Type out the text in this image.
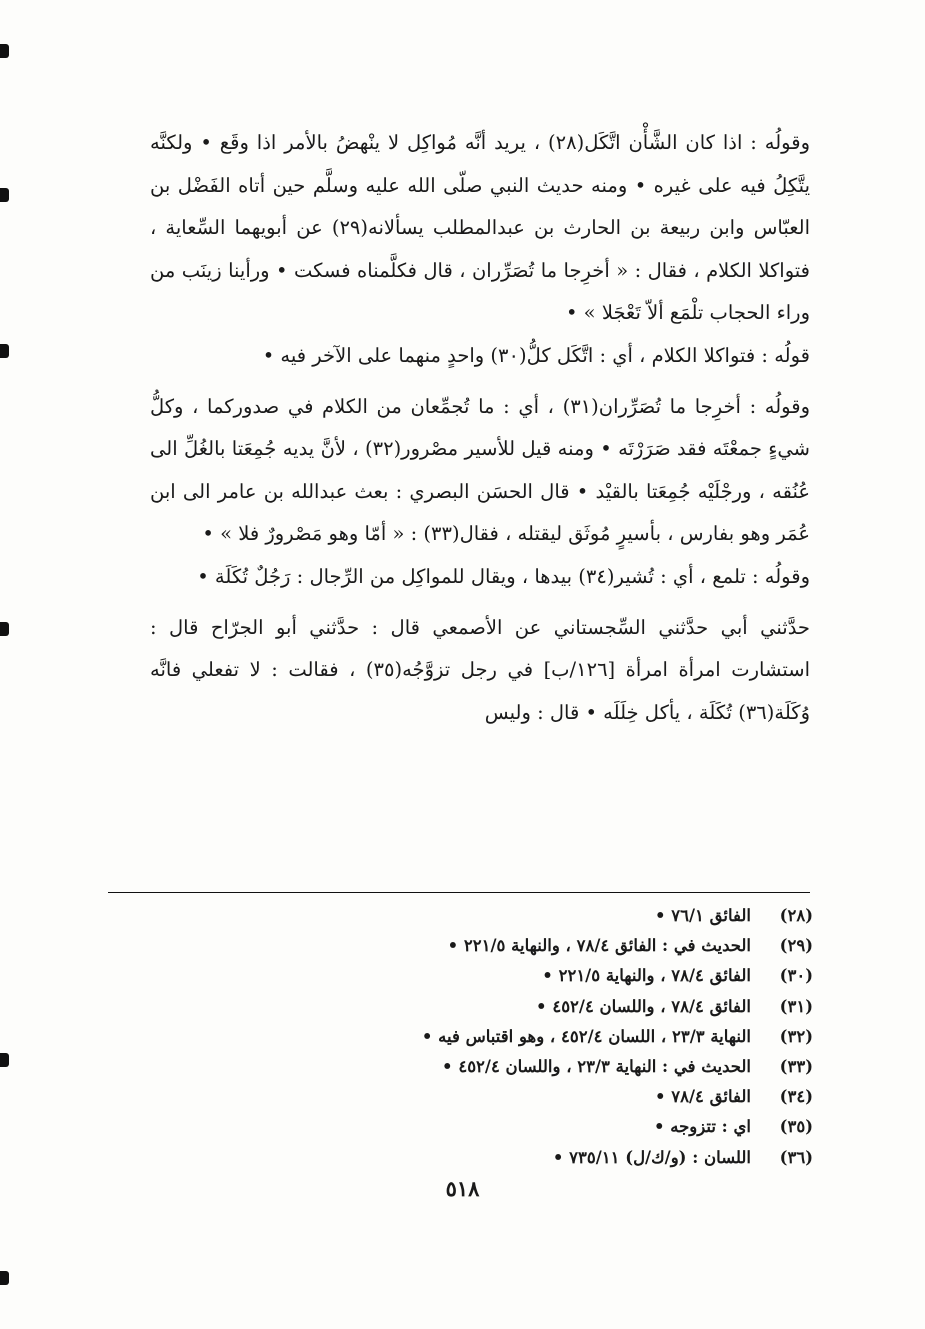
وقولُه : اذا كان الشَّأْن اتَّكَل(٢٨) ، يريد أنَّه مُواكِل لا ينْهضُ بالأمر اذا وقَع • ولكنَّه يتَّكِلُ فيه على غيره • ومنه حديث النبي صلّى الله عليه وسلَّم حين أتاه الفَضْل بن العبّاس وابن ربيعة بن الحارث بن عبدالمطلب يسألانه(٢٩) عن أبويهما السِّعاية ، فتواكلا الكلام ، فقال : « أخرِجا ما تُصَرِّران ، قال فكلَّمناه فسكت • ورأينا زينَب من وراء الحجاب تلْمَع ألاّ تَعْجَلا » •

قولُه : فتواكلا الكلام ، أي : اتَّكَل كلُّ(٣٠) واحدٍ منهما على الآخر فيه •

وقولُه : أخرِجا ما تُصَرِّران(٣١) ، أي : ما تُجمِّعان من الكلام في صدوركما ، وكلُّ شيءٍ جمعْتَه فقد صَرَرْتَه • ومنه قيل للأسير مصْرور(٣٢) ، لأنَّ يديه جُمِعَتا بالغُلِّ الى عُنُقه ، ورجْلَيْه جُمِعَتا بالقيْد • قال الحسَن البصري : بعث عبدالله بن عامر الى ابن عُمَر وهو بفارس ، بأسيرٍ مُوثَق ليقتله ، فقال(٣٣) : « أمّا وهو مَصْرورٌ فلا » •

وقولُه : تلمع ، أي : تُشير(٣٤) بيدها ، ويقال للمواكِل من الرِّجال : رَجُلٌ تُكَلَة •

حدَّثني أبي حدَّثني السِّجستاني عن الأصمعي قال : حدَّثني أبو الجرّاح قال : استشارت امرأة امرأة [١٢٦/ب] في رجل تزوَّجُه(٣٥) ، فقالت : لا تفعلي فانَّه وُكَلَة(٣٦) تُكَلَة ، يأكل خِلَلَه • قال : وليس

(٢٨)
الفائق ٧٦/١ •
(٢٩)
الحديث في : الفائق ٧٨/٤ ، والنهاية ٢٢١/٥ •
(٣٠)
الفائق ٧٨/٤ ، والنهاية ٢٢١/٥ •
(٣١)
الفائق ٧٨/٤ ، واللسان ٤٥٢/٤ •
(٣٢)
النهاية ٢٣/٣ ، اللسان ٤٥٢/٤ ، وهو اقتباس فيه •
(٣٣)
الحديث في : النهاية ٢٣/٣ ، واللسان ٤٥٢/٤ •
(٣٤)
الفائق ٧٨/٤ •
(٣٥)
اي : تتزوجه •
(٣٦)
اللسان : (و/ك/ل) ٧٣٥/١١ •
٥١٨
